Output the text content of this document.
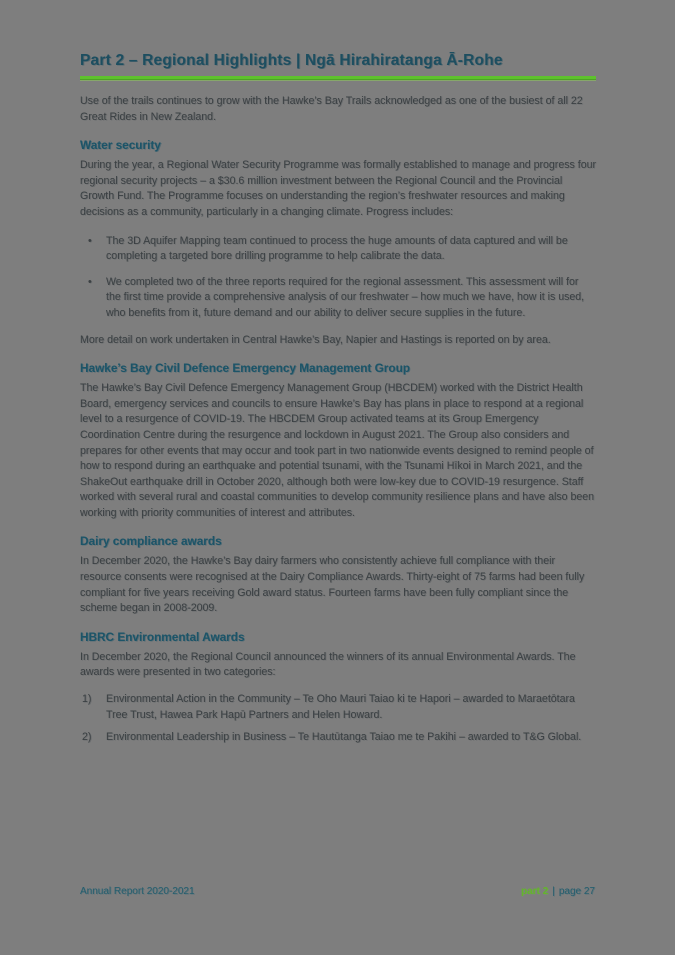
Part 2 – Regional Highlights | Ngā Hirahiratanga Ā-Rohe

Use of the trails continues to grow with the Hawke’s Bay Trails acknowledged as one of the busiest of all 22 Great Rides in New Zealand.

Water security

During the year, a Regional Water Security Programme was formally established to manage and progress four regional security projects – a $30.6 million investment between the Regional Council and the Provincial Growth Fund. The Programme focuses on understanding the region’s freshwater resources and making decisions as a community, particularly in a changing climate. Progress includes:

• The 3D Aquifer Mapping team continued to process the huge amounts of data captured and will be completing a targeted bore drilling programme to help calibrate the data.
• We completed two of the three reports required for the regional assessment. This assessment will for the first time provide a comprehensive analysis of our freshwater – how much we have, how it is used, who benefits from it, future demand and our ability to deliver secure supplies in the future.

More detail on work undertaken in Central Hawke’s Bay, Napier and Hastings is reported on by area.

Hawke’s Bay Civil Defence Emergency Management Group

The Hawke’s Bay Civil Defence Emergency Management Group (HBCDEM) worked with the District Health Board, emergency services and councils to ensure Hawke’s Bay has plans in place to respond at a regional level to a resurgence of COVID-19. The HBCDEM Group activated teams at its Group Emergency Coordination Centre during the resurgence and lockdown in August 2021. The Group also considers and prepares for other events that may occur and took part in two nationwide events designed to remind people of how to respond during an earthquake and potential tsunami, with the Tsunami Hīkoi in March 2021, and the ShakeOut earthquake drill in October 2020, although both were low-key due to COVID-19 resurgence. Staff worked with several rural and coastal communities to develop community resilience plans and have also been working with priority communities of interest and attributes.

Dairy compliance awards

In December 2020, the Hawke’s Bay dairy farmers who consistently achieve full compliance with their resource consents were recognised at the Dairy Compliance Awards. Thirty-eight of 75 farms had been fully compliant for five years receiving Gold award status. Fourteen farms have been fully compliant since the scheme began in 2008-2009.

HBRC Environmental Awards

In December 2020, the Regional Council announced the winners of its annual Environmental Awards. The awards were presented in two categories:

1) Environmental Action in the Community – Te Oho Mauri Taiao ki te Hapori – awarded to Maraetōtara Tree Trust, Hawea Park Hapū Partners and Helen Howard.
2) Environmental Leadership in Business – Te Hautūtanga Taiao me te Pakihi – awarded to T&G Global.
Annual Report 2020-2021	part 2 | page 27
